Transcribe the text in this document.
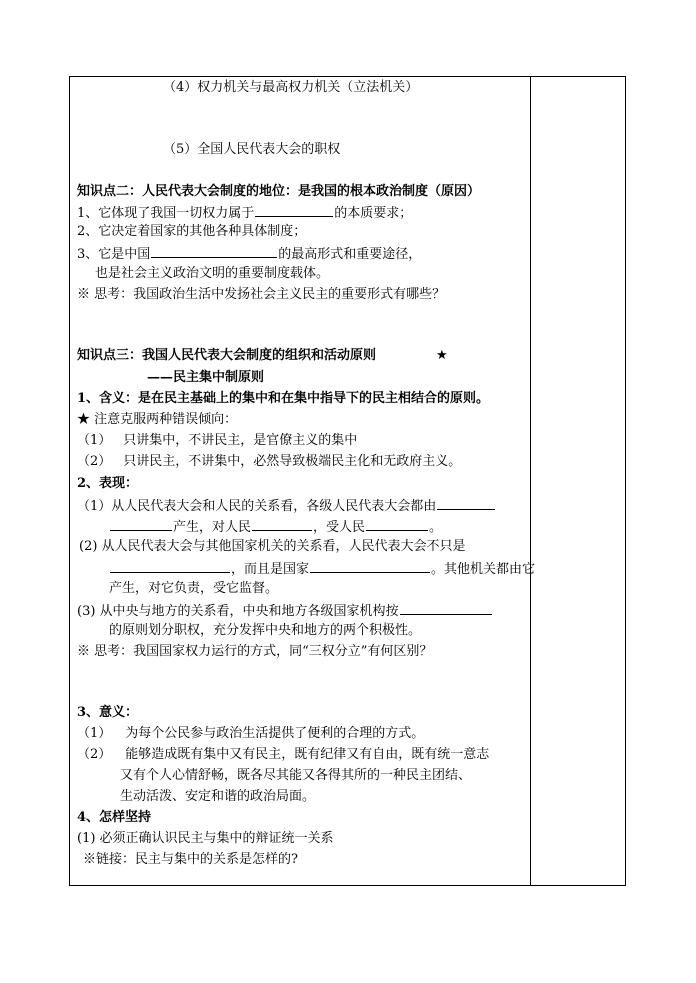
（4）权力机关与最高权力机关（立法机关）
（5）全国人民代表大会的职权
知识点二：人民代表大会制度的地位：是我国的根本政治制度（原因）
1、它体现了我国一切权力属于	的本质要求；
2、它决定着国家的其他各种具体制度；
3、它是中国	的最高形式和重要途径，
也是社会主义政治文明的重要制度载体。
※ 思考：我国政治生活中发扬社会主义民主的重要形式有哪些？
知识点三：我国人民代表大会制度的组织和活动原则	★
——民主集中制原则
1、含义：是在民主基础上的集中和在集中指导下的民主相结合的原则。
★ 注意克服两种错误倾向：
（1） 只讲集中，不讲民主，是官僚主义的集中
（2） 只讲民主，不讲集中，必然导致极端民主化和无政府主义。
2、表现：
（1）从人民代表大会和人民的关系看，各级人民代表大会都由
产生，对人民	，受人民	。
(2) 从人民代表大会与其他国家机关的关系看，人民代表大会不只是
，而且是国家	。其他机关都由它
产生，对它负责，受它监督。
(3) 从中央与地方的关系看，中央和地方各级国家机构按
的原则划分职权，充分发挥中央和地方的两个积极性。
※ 思考：我国国家权力运行的方式，同“三权分立”有何区别？
3、意义：
（1） 为每个公民参与政治生活提供了便利的合理的方式。
（2） 能够造成既有集中又有民主，既有纪律又有自由，既有统一意志
又有个人心情舒畅，既各尽其能又各得其所的一种民主团结、
生动活泼、安定和谐的政治局面。
4、怎样坚持
(1) 必须正确认识民主与集中的辩证统一关系
※链接：民主与集中的关系是怎样的?
